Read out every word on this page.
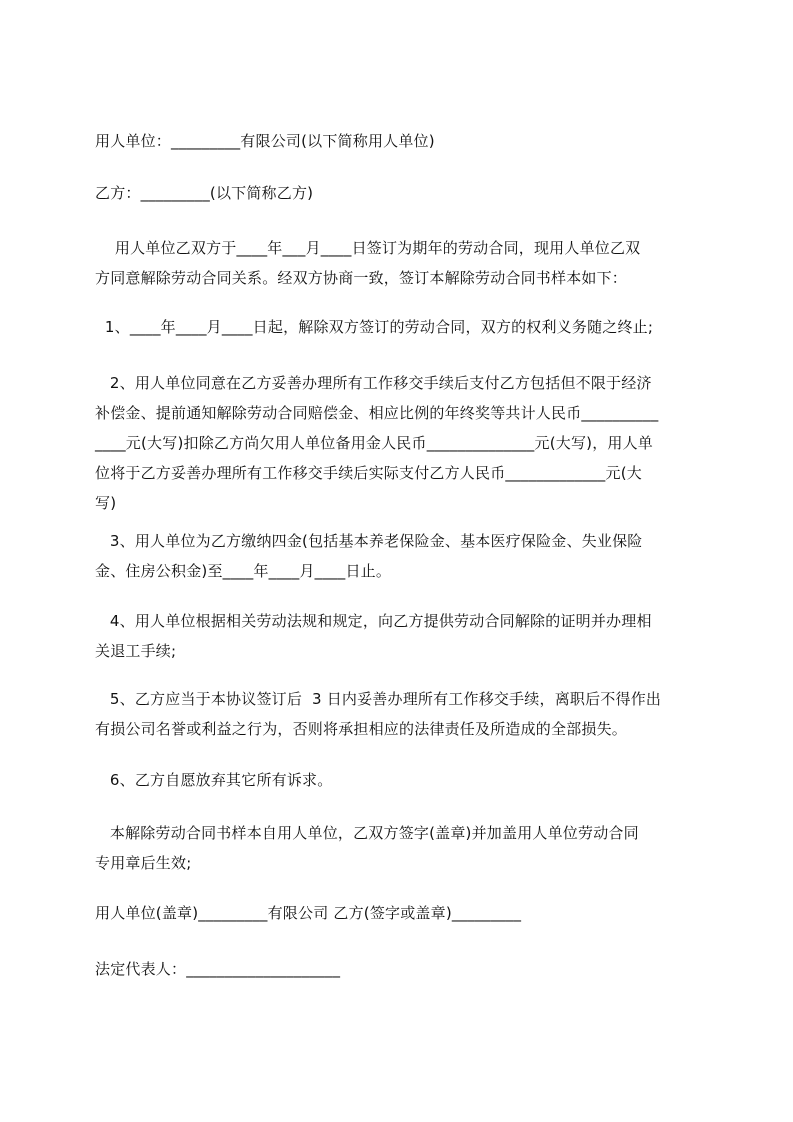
用人单位：_________有限公司(以下简称用人单位)
乙方：_________(以下简称乙方)
用人单位乙双方于____年___月____日签订为期年的劳动合同，现用人单位乙双
方同意解除劳动合同关系。经双方协商一致，签订本解除劳动合同书样本如下：
1、____年____月____日起，解除双方签订的劳动合同，双方的权利义务随之终止;
2、用人单位同意在乙方妥善办理所有工作移交手续后支付乙方包括但不限于经济
补偿金、提前通知解除劳动合同赔偿金、相应比例的年终奖等共计人民币__________
____元(大写)扣除乙方尚欠用人单位备用金人民币______________元(大写)，用人单
位将于乙方妥善办理所有工作移交手续后实际支付乙方人民币_____________元(大
写)
3、用人单位为乙方缴纳四金(包括基本养老保险金、基本医疗保险金、失业保险
金、住房公积金)至____年____月____日止。
4、用人单位根据相关劳动法规和规定，向乙方提供劳动合同解除的证明并办理相
关退工手续;
5、乙方应当于本协议签订后  3 日内妥善办理所有工作移交手续，离职后不得作出
有损公司名誉或利益之行为，否则将承担相应的法律责任及所造成的全部损失。
6、乙方自愿放弃其它所有诉求。
本解除劳动合同书样本自用人单位，乙双方签字(盖章)并加盖用人单位劳动合同
专用章后生效;
用人单位(盖章)_________有限公司 乙方(签字或盖章)_________
法定代表人：____________________
